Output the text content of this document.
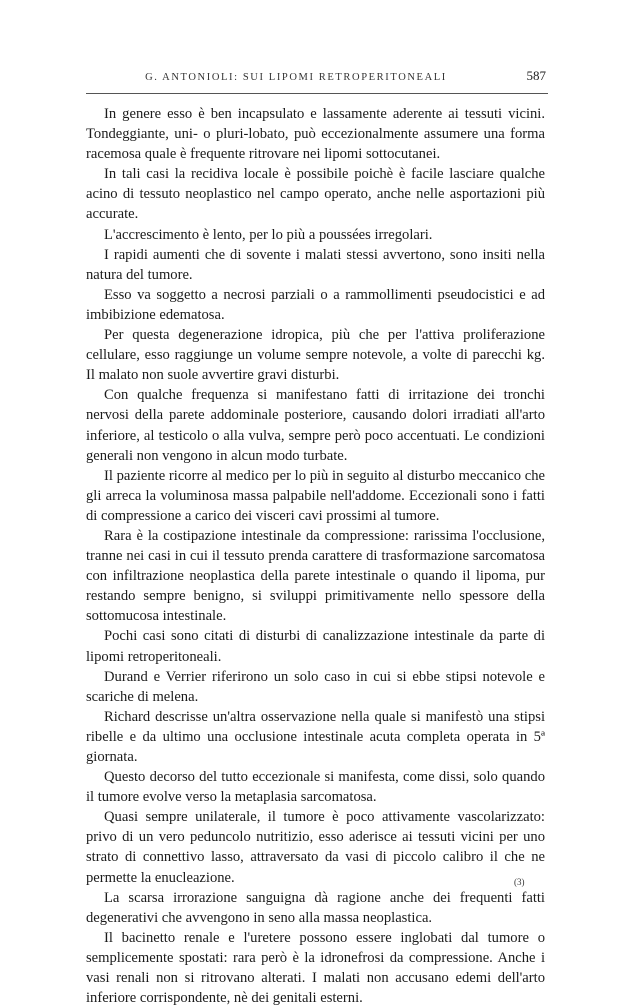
G. ANTONIOLI: SUI LIPOMI RETROPERITONEALI	587

In genere esso è ben incapsulato e lassamente aderente ai tessuti vicini. Tondeggiante, uni- o pluri-lobato, può eccezionalmente assumere una forma racemosa quale è frequente ritrovare nei lipomi sottocutanei.

In tali casi la recidiva locale è possibile poichè è facile lasciare qualche acino di tessuto neoplastico nel campo operato, anche nelle asportazioni più accurate.

L'accrescimento è lento, per lo più a poussées irregolari.

I rapidi aumenti che di sovente i malati stessi avvertono, sono insiti nella natura del tumore.

Esso va soggetto a necrosi parziali o a rammollimenti pseudocistici e ad imbibizione edematosa.

Per questa degenerazione idropica, più che per l'attiva proliferazione cellulare, esso raggiunge un volume sempre notevole, a volte di parecchi kg. Il malato non suole avvertire gravi disturbi.

Con qualche frequenza si manifestano fatti di irritazione dei tronchi nervosi della parete addominale posteriore, causando dolori irradiati all'arto inferiore, al testicolo o alla vulva, sempre però poco accentuati. Le condizioni generali non vengono in alcun modo turbate.

Il paziente ricorre al medico per lo più in seguito al disturbo meccanico che gli arreca la voluminosa massa palpabile nell'addome. Eccezionali sono i fatti di compressione a carico dei visceri cavi prossimi al tumore.

Rara è la costipazione intestinale da compressione: rarissima l'occlusione, tranne nei casi in cui il tessuto prenda carattere di trasformazione sarcomatosa con infiltrazione neoplastica della parete intestinale o quando il lipoma, pur restando sempre benigno, si sviluppi primitivamente nello spessore della sottomucosa intestinale.

Pochi casi sono citati di disturbi di canalizzazione intestinale da parte di lipomi retroperitoneali.

Durand e Verrier riferirono un solo caso in cui si ebbe stipsi notevole e scariche di melena.

Richard descrisse un'altra osservazione nella quale si manifestò una stipsi ribelle e da ultimo una occlusione intestinale acuta completa operata in 5ª giornata.

Questo decorso del tutto eccezionale si manifesta, come dissi, solo quando il tumore evolve verso la metaplasia sarcomatosa.

Quasi sempre unilaterale, il tumore è poco attivamente vascolarizzato: privo di un vero peduncolo nutritizio, esso aderisce ai tessuti vicini per uno strato di connettivo lasso, attraversato da vasi di piccolo calibro il che ne permette la enucleazione.

La scarsa irrorazione sanguigna dà ragione anche dei frequenti fatti degenerativi che avvengono in seno alla massa neoplastica.

Il bacinetto renale e l'uretere possono essere inglobati dal tumore o semplicemente spostati: rara però è la idronefrosi da compressione. Anche i vasi renali non si ritrovano alterati. I malati non accusano edemi dell'arto inferiore corrispondente, nè dei genitali esterni.

(3)
